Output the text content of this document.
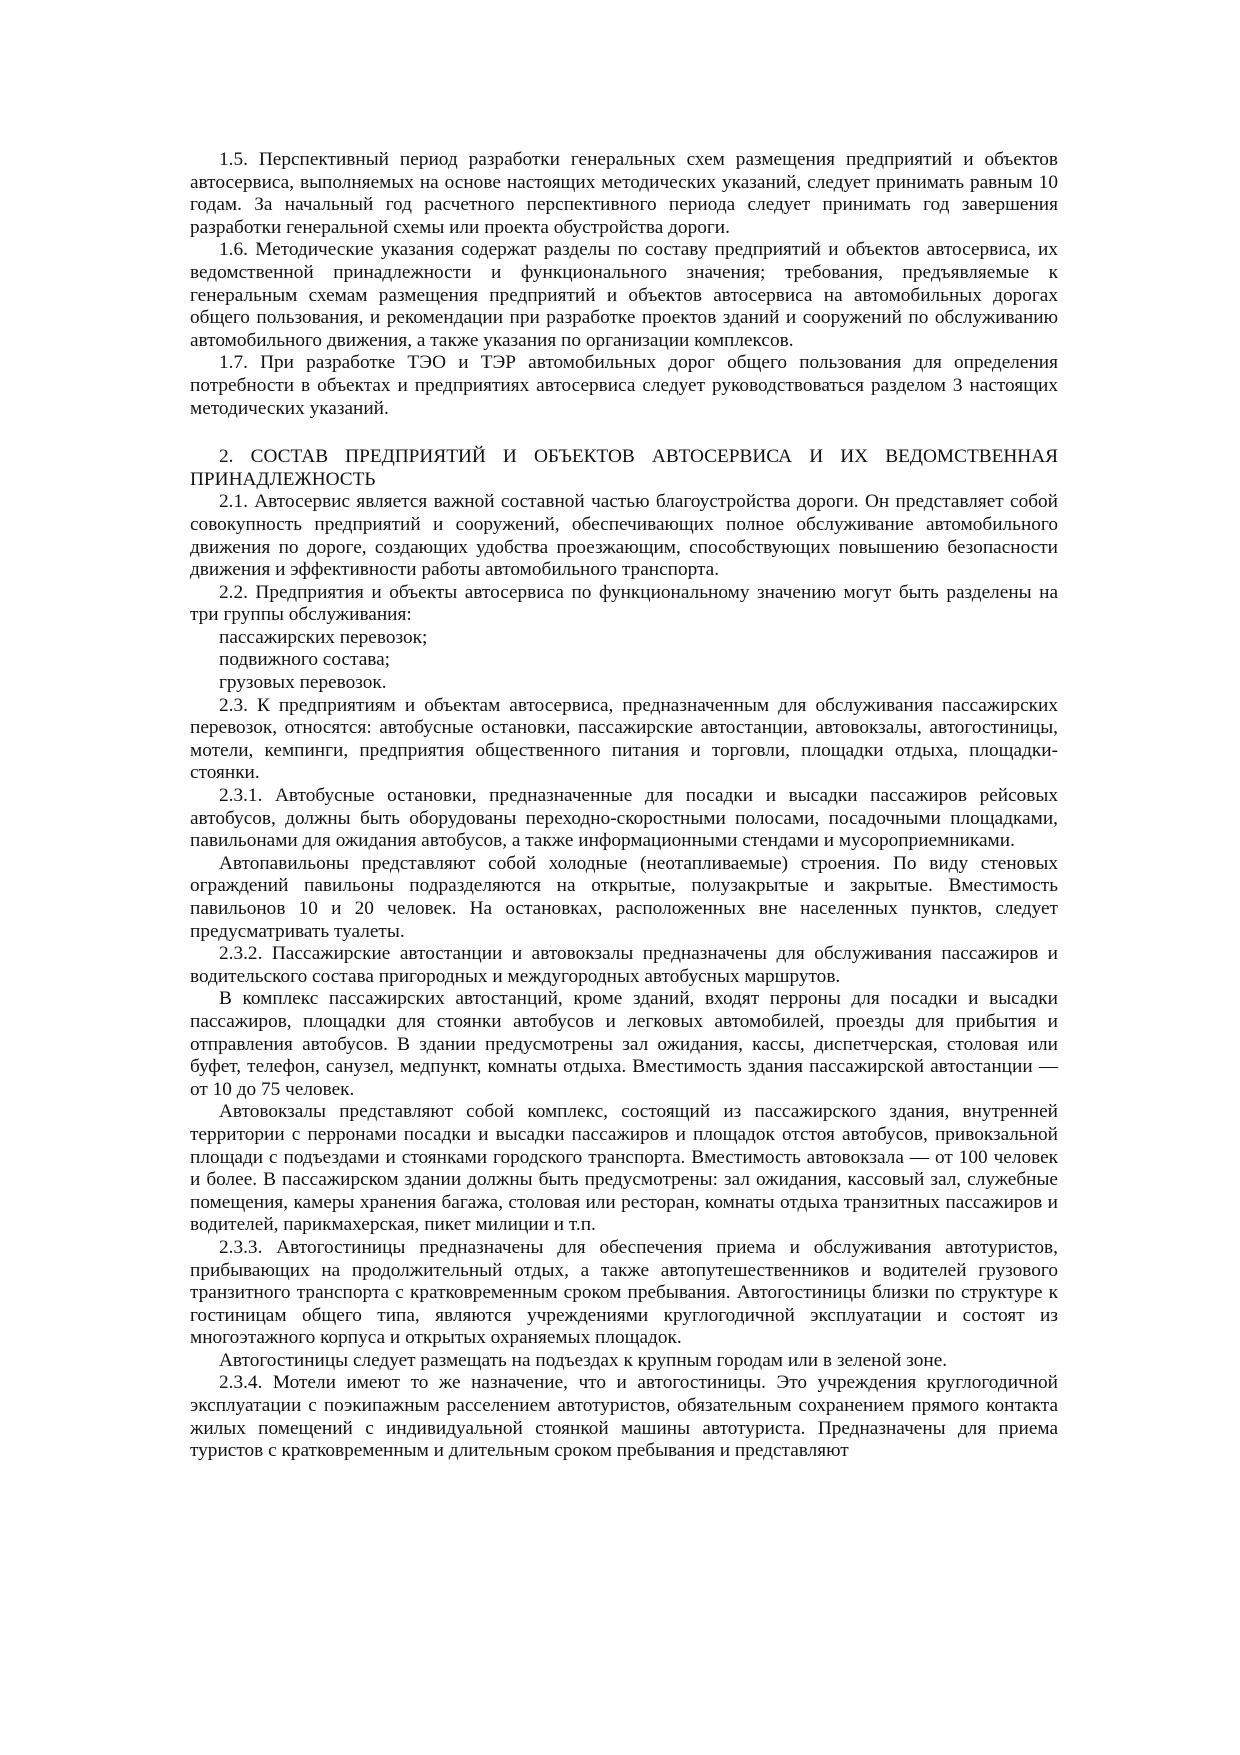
1.5. Перспективный период разработки генеральных схем размещения предприятий и объектов автосервиса, выполняемых на основе настоящих методических указаний, следует принимать равным 10 годам. За начальный год расчетного перспективного периода следует принимать год завершения разработки генеральной схемы или проекта обустройства дороги.

1.6. Методические указания содержат разделы по составу предприятий и объектов автосервиса, их ведомственной принадлежности и функционального значения; требования, предъявляемые к генеральным схемам размещения предприятий и объектов автосервиса на автомобильных дорогах общего пользования, и рекомендации при разработке проектов зданий и сооружений по обслуживанию автомобильного движения, а также указания по организации комплексов.

1.7. При разработке ТЭО и ТЭР автомобильных дорог общего пользования для определения потребности в объектах и предприятиях автосервиса следует руководствоваться разделом 3 настоящих методических указаний.

2. СОСТАВ ПРЕДПРИЯТИЙ И ОБЪЕКТОВ АВТОСЕРВИСА И ИХ ВЕДОМСТВЕННАЯ ПРИНАДЛЕЖНОСТЬ

2.1. Автосервис является важной составной частью благоустройства дороги. Он представляет собой совокупность предприятий и сооружений, обеспечивающих полное обслуживание автомобильного движения по дороге, создающих удобства проезжающим, способствующих повышению безопасности движения и эффективности работы автомобильного транспорта.

2.2. Предприятия и объекты автосервиса по функциональному значению могут быть разделены на три группы обслуживания:

пассажирских перевозок;

подвижного состава;

грузовых перевозок.

2.3. К предприятиям и объектам автосервиса, предназначенным для обслуживания пассажирских перевозок, относятся: автобусные остановки, пассажирские автостанции, автовокзалы, автогостиницы, мотели, кемпинги, предприятия общественного питания и торговли, площадки отдыха, площадки-стоянки.

2.3.1. Автобусные остановки, предназначенные для посадки и высадки пассажиров рейсовых автобусов, должны быть оборудованы переходно-скоростными полосами, посадочными площадками, павильонами для ожидания автобусов, а также информационными стендами и мусороприемниками.

Автопавильоны представляют собой холодные (неотапливаемые) строения. По виду стеновых ограждений павильоны подразделяются на открытые, полузакрытые и закрытые. Вместимость павильонов 10 и 20 человек. На остановках, расположенных вне населенных пунктов, следует предусматривать туалеты.

2.3.2. Пассажирские автостанции и автовокзалы предназначены для обслуживания пассажиров и водительского состава пригородных и междугородных автобусных маршрутов.

В комплекс пассажирских автостанций, кроме зданий, входят перроны для посадки и высадки пассажиров, площадки для стоянки автобусов и легковых автомобилей, проезды для прибытия и отправления автобусов. В здании предусмотрены зал ожидания, кассы, диспетчерская, столовая или буфет, телефон, санузел, медпункт, комнаты отдыха. Вместимость здания пассажирской автостанции — от 10 до 75 человек.

Автовокзалы представляют собой комплекс, состоящий из пассажирского здания, внутренней территории с перронами посадки и высадки пассажиров и площадок отстоя автобусов, привокзальной площади с подъездами и стоянками городского транспорта. Вместимость автовокзала — от 100 человек и более. В пассажирском здании должны быть предусмотрены: зал ожидания, кассовый зал, служебные помещения, камеры хранения багажа, столовая или ресторан, комнаты отдыха транзитных пассажиров и водителей, парикмахерская, пикет милиции и т.п.

2.3.3. Автогостиницы предназначены для обеспечения приема и обслуживания автотуристов, прибывающих на продолжительный отдых, а также автопутешественников и водителей грузового транзитного транспорта с кратковременным сроком пребывания. Автогостиницы близки по структуре к гостиницам общего типа, являются учреждениями круглогодичной эксплуатации и состоят из многоэтажного корпуса и открытых охраняемых площадок.

Автогостиницы следует размещать на подъездах к крупным городам или в зеленой зоне.

2.3.4. Мотели имеют то же назначение, что и автогостиницы. Это учреждения круглогодичной эксплуатации с поэкипажным расселением автотуристов, обязательным сохранением прямого контакта жилых помещений с индивидуальной стоянкой машины автотуриста. Предназначены для приема туристов с кратковременным и длительным сроком пребывания и представляют
